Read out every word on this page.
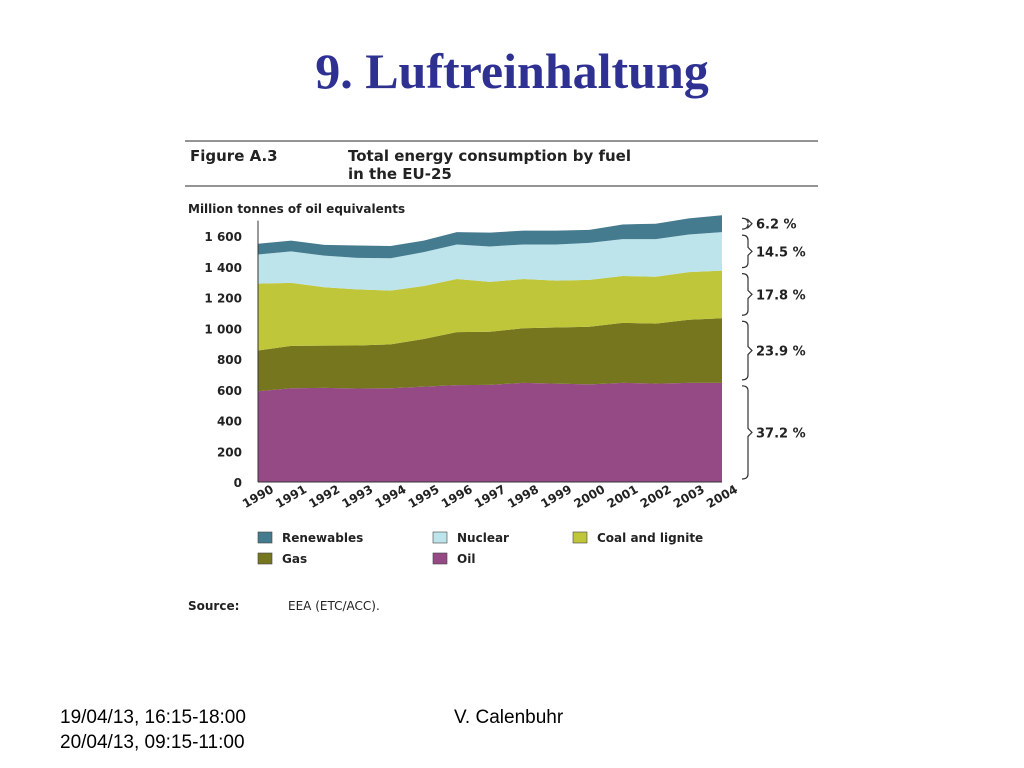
9. Luftreinhaltung
Figure A.3	Total energy consumption by fuel
in the EU-25
Million tonnes of oil equivalents
0
200
400
600
800
1 000
1 200
1 400
1 600
1990
1991
1992
1993
1994
1995
1996
1997
1998
1999
2000
2001
2002
2003
2004
6.2 %
14.5 %
17.8 %
23.9 %
37.2 %
Renewables	Nuclear	Coal and lignite
Gas	Oil
Source:	EEA (ETC/ACC).
19/04/13, 16:15-18:00
20/04/13, 09:15-11:00
V. Calenbuhr
